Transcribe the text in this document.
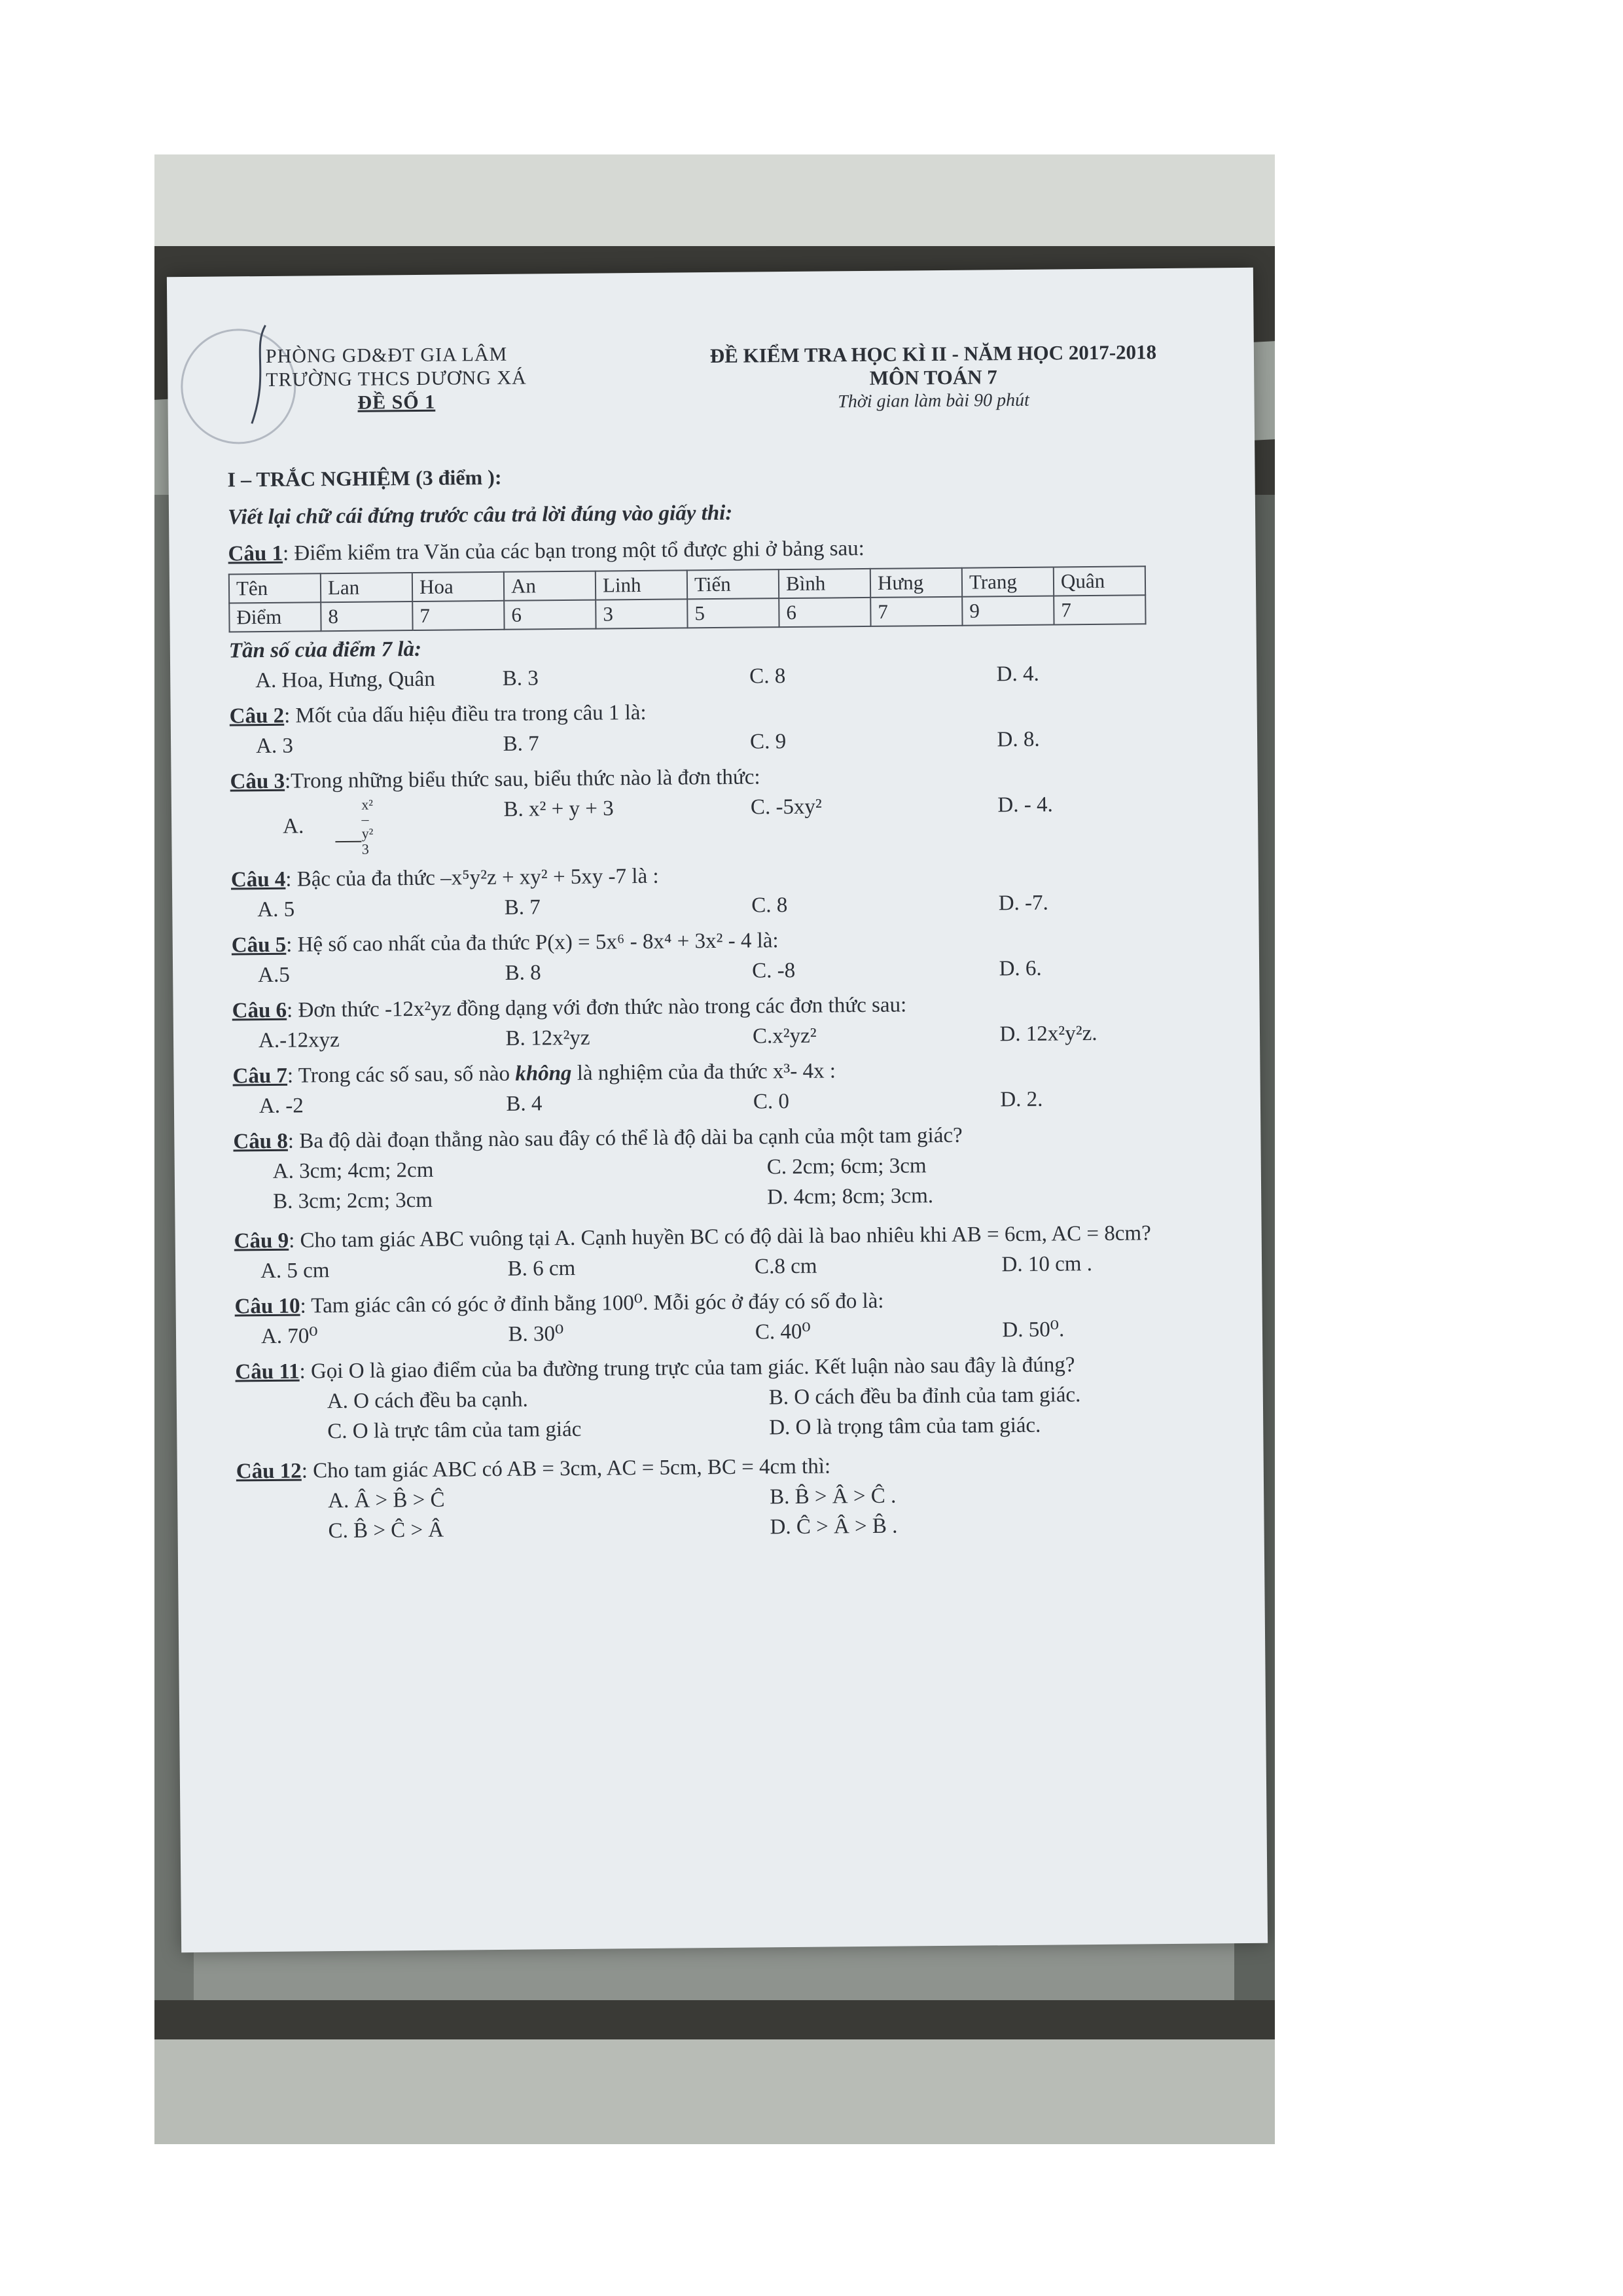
PHÒNG GD&ĐT GIA LÂM
TRƯỜNG THCS DƯƠNG XÁ
ĐỀ SỐ 1
ĐỀ KIỂM TRA HỌC KÌ II - NĂM HỌC 2017-2018
MÔN TOÁN 7
Thời gian làm bài 90 phút
I – TRẮC NGHIỆM (3 điểm ):
Viết lại chữ cái đứng trước câu trả lời đúng vào giấy thi:
Câu 1: Điểm kiểm tra Văn của các bạn trong một tổ được ghi ở bảng sau:
Tên	Lan	Hoa	An	Linh	Tiến	Bình	Hưng	Trang	Quân
Điểm	8	7	6	3	5	6	7	9	7
Tần số của điểm 7 là:
A. Hoa, Hưng, Quân	B. 3	C. 8	D. 4.
Câu 2: Mốt của dấu hiệu điều tra trong câu 1 là:
A. 3	B. 7	C. 9	D. 8.
Câu 3:Trong những biểu thức sau, biểu thức nào là đơn thức:
A. $\frac{\text{x² – y²}}{3}$	B. x² + y + 3	C. -5xy²	D. - 4.
Câu 4: Bậc của đa thức –x⁵y²z + xy² + 5xy -7 là :
A. 5	B. 7	C. 8	D. -7.
Câu 5: Hệ số cao nhất của đa thức P(x) = 5x⁶ - 8x⁴ + 3x² - 4 là:
A.5	B. 8	C. -8	D. 6.
Câu 6: Đơn thức -12x²yz đồng dạng với đơn thức nào trong các đơn thức sau:
A.-12xyz	B. 12x²yz	C.x²yz²	D. 12x²y²z.
Câu 7: Trong các số sau, số nào không là nghiệm của đa thức x³- 4x :
A. -2	B. 4	C. 0	D. 2.
Câu 8: Ba độ dài đoạn thẳng nào sau đây có thể là độ dài ba cạnh của một tam giác?
A. 3cm; 4cm; 2cm	C. 2cm; 6cm; 3cm
B. 3cm; 2cm; 3cm	D. 4cm; 8cm; 3cm.
Câu 9: Cho tam giác ABC vuông tại A. Cạnh huyền BC có độ dài là bao nhiêu khi AB = 6cm, AC = 8cm?
A. 5 cm	B. 6 cm	C.8 cm	D. 10 cm .
Câu 10: Tam giác cân có góc ở đỉnh bằng 100⁰. Mỗi góc ở đáy có số đo là:
A. 70⁰	B. 30⁰	C. 40⁰	D. 50⁰.
Câu 11: Gọi O là giao điểm của ba đường trung trực của tam giác. Kết luận nào sau đây là đúng?
A. O cách đều ba cạnh.	B. O cách đều ba đỉnh của tam giác.
C. O là trực tâm của tam giác	D. O là trọng tâm của tam giác.
Câu 12: Cho tam giác ABC có AB = 3cm, AC = 5cm, BC = 4cm thì:
A. Â > B̂ > Ĉ	B. B̂ > Â > Ĉ .
C. B̂ > Ĉ > Â	D. Ĉ > Â > B̂ .
